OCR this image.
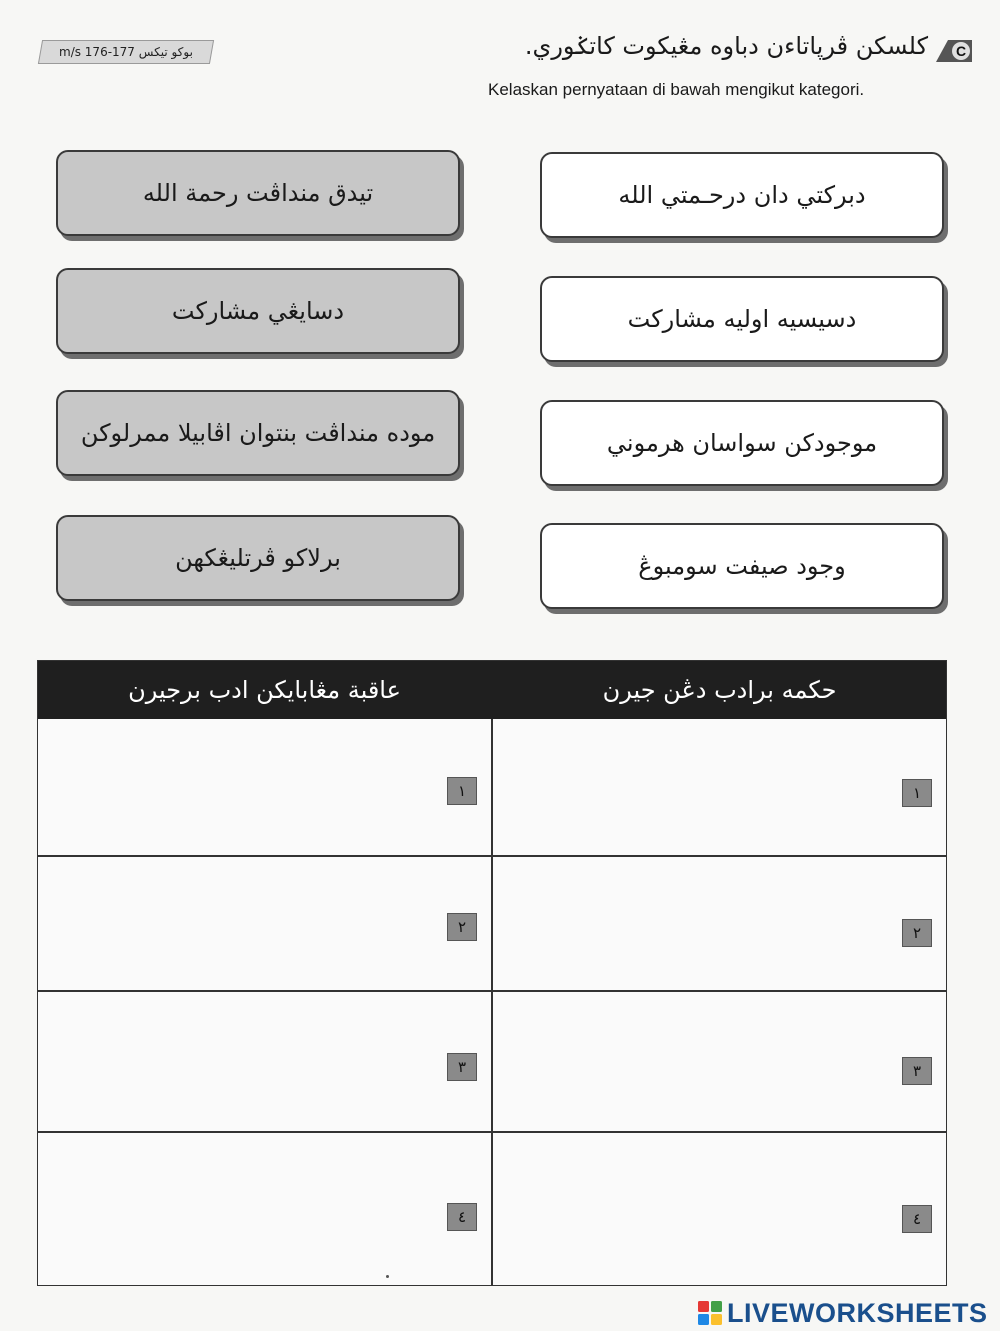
m/s 176-177 بوکو تيکس	C
کلسکن ڤرڽاتاءن دباوه مڠيکوت کاتݢوري.
Kelaskan pernyataan di bawah mengikut kategori.
تيدق منداڤت رحمة الله	دبرکتي دان درحـمتي الله
دسايڠي مشارکت	دسيسيه اوليه مشارکت
موده منداڤت بنتوان اڤابيلا ممرلوکن	موجودکن سواسان هرموني
برلاکو ڤرتليڠکهن	وجود صيفت سومبوڠ
عاقبة مڠابايکن ادب برجيرن	حکمه برادب دڠن جيرن
١	١
٢	٢
٣	٣
٤	٤
LIVEWORKSHEETS
